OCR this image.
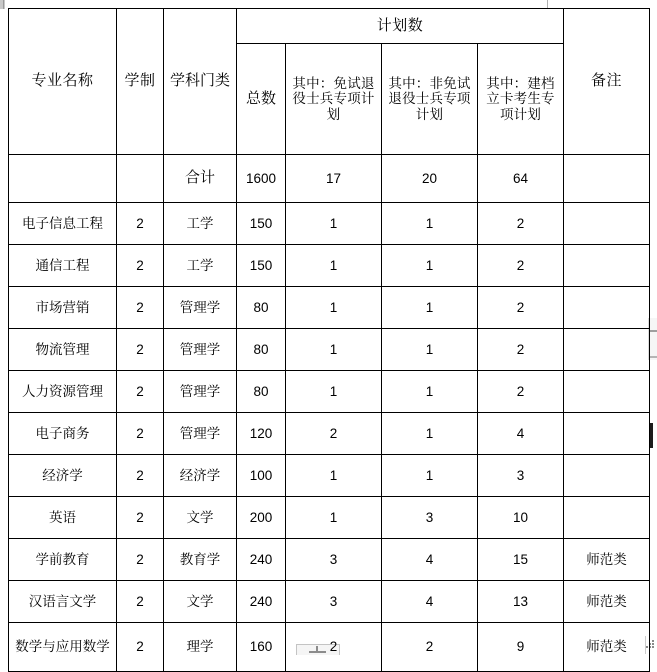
专业名称	学制	学科门类	计划数				备注
			总数	其中：免试退役士兵专项计划	其中：非免试退役士兵专项计划	其中：建档立卡考生专项计划	
		合计	1600	17	20	64	
电子信息工程	2	工学	150	1	1	2	
通信工程	2	工学	150	1	1	2	
市场营销	2	管理学	80	1	1	2	
物流管理	2	管理学	80	1	1	2	
人力资源管理	2	管理学	80	1	1	2	
电子商务	2	管理学	120	2	1	4	
经济学	2	经济学	100	1	1	3	
英语	2	文学	200	1	3	10	
学前教育	2	教育学	240	3	4	15	师范类
汉语言文学	2	文学	240	3	4	13	师范类
数学与应用数学	2	理学	160	2	2	9	师范类
